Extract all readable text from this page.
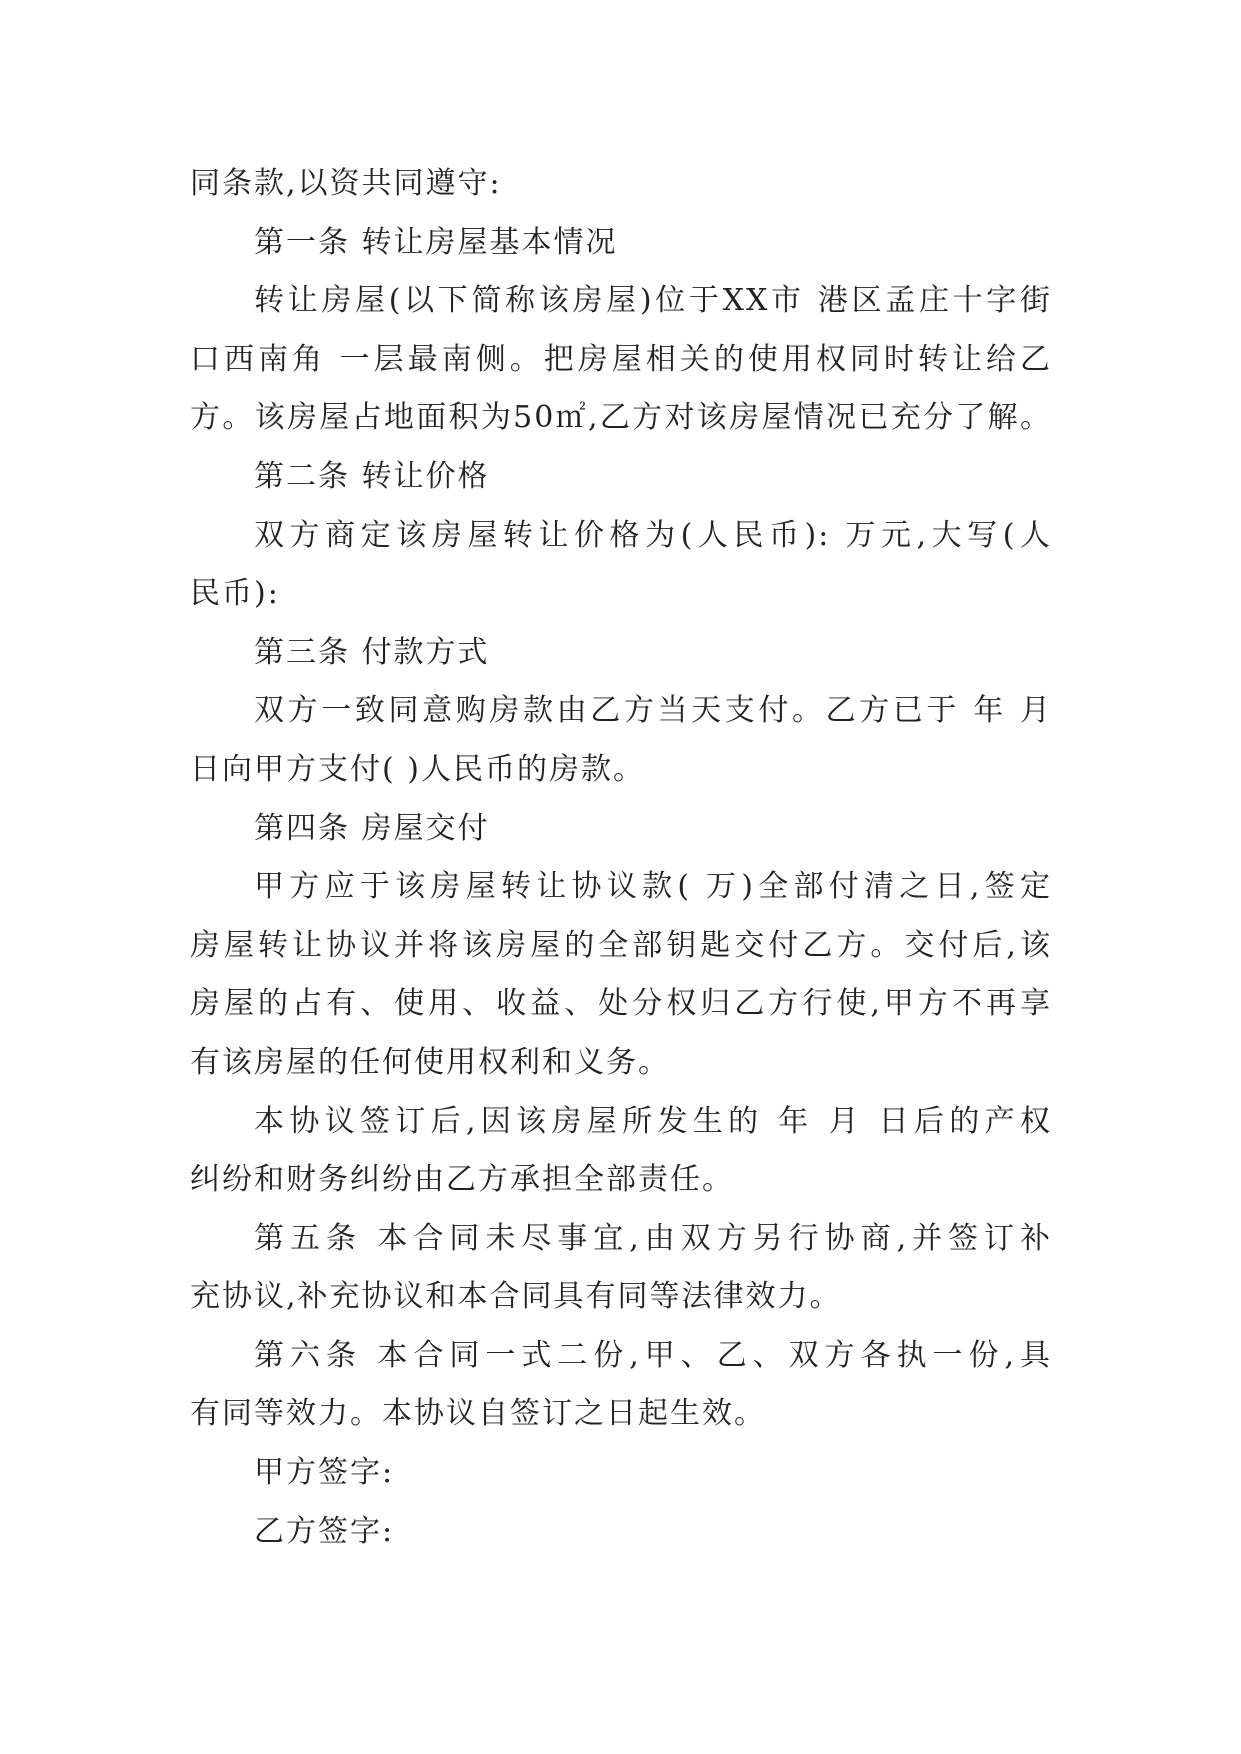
同条款,以资共同遵守:
第一条 转让房屋基本情况
转让房屋(以下简称该房屋)位于XX市 港区孟庄十字街
口西南角 一层最南侧。把房屋相关的使用权同时转让给乙
方。该房屋占地面积为50㎡,乙方对该房屋情况已充分了解。
第二条 转让价格
双方商定该房屋转让价格为(人民币): 万元,大写(人
民币):
第三条 付款方式
双方一致同意购房款由乙方当天支付。乙方已于 年 月
日向甲方支付( )人民币的房款。
第四条 房屋交付
甲方应于该房屋转让协议款( 万)全部付清之日,签定
房屋转让协议并将该房屋的全部钥匙交付乙方。交付后,该
房屋的占有、使用、收益、处分权归乙方行使,甲方不再享
有该房屋的任何使用权利和义务。
本协议签订后,因该房屋所发生的 年 月 日后的产权
纠纷和财务纠纷由乙方承担全部责任。
第五条 本合同未尽事宜,由双方另行协商,并签订补
充协议,补充协议和本合同具有同等法律效力。
第六条 本合同一式二份,甲、乙、双方各执一份,具
有同等效力。本协议自签订之日起生效。
甲方签字:
乙方签字:
